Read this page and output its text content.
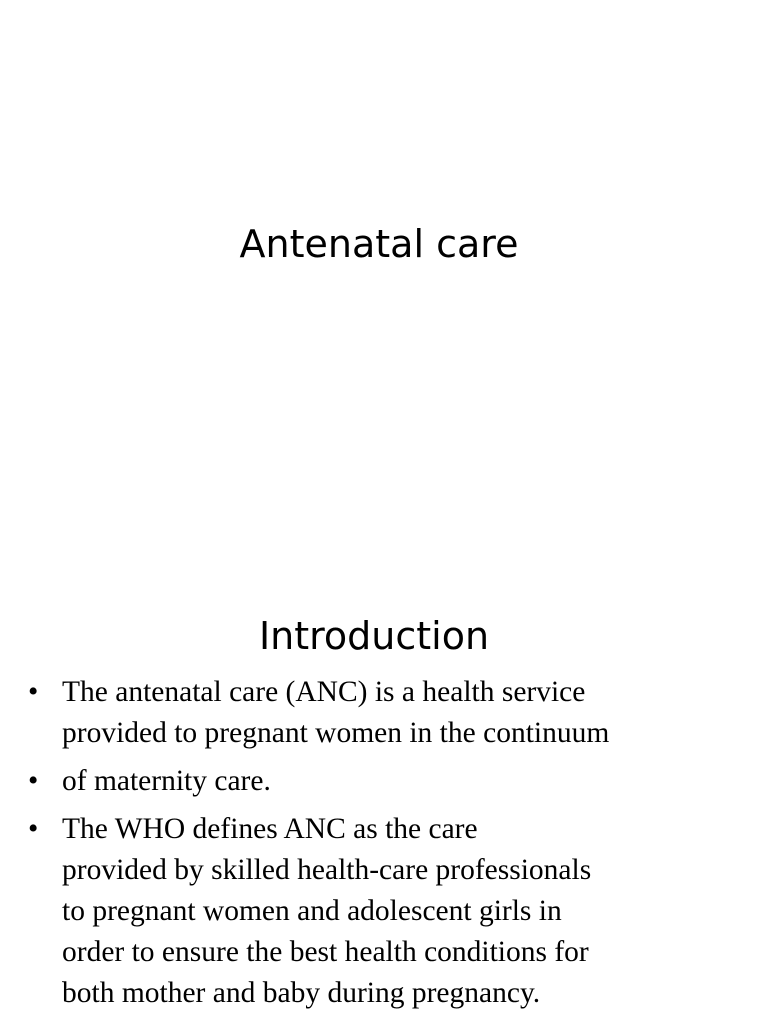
Antenatal care
Introduction
• The antenatal care (ANC) is a health service
provided to pregnant women in the continuum
• of maternity care.
• The WHO defines ANC as the care
provided by skilled health-care professionals
to pregnant women and adolescent girls in
order to ensure the best health conditions for
both mother and baby during pregnancy.
